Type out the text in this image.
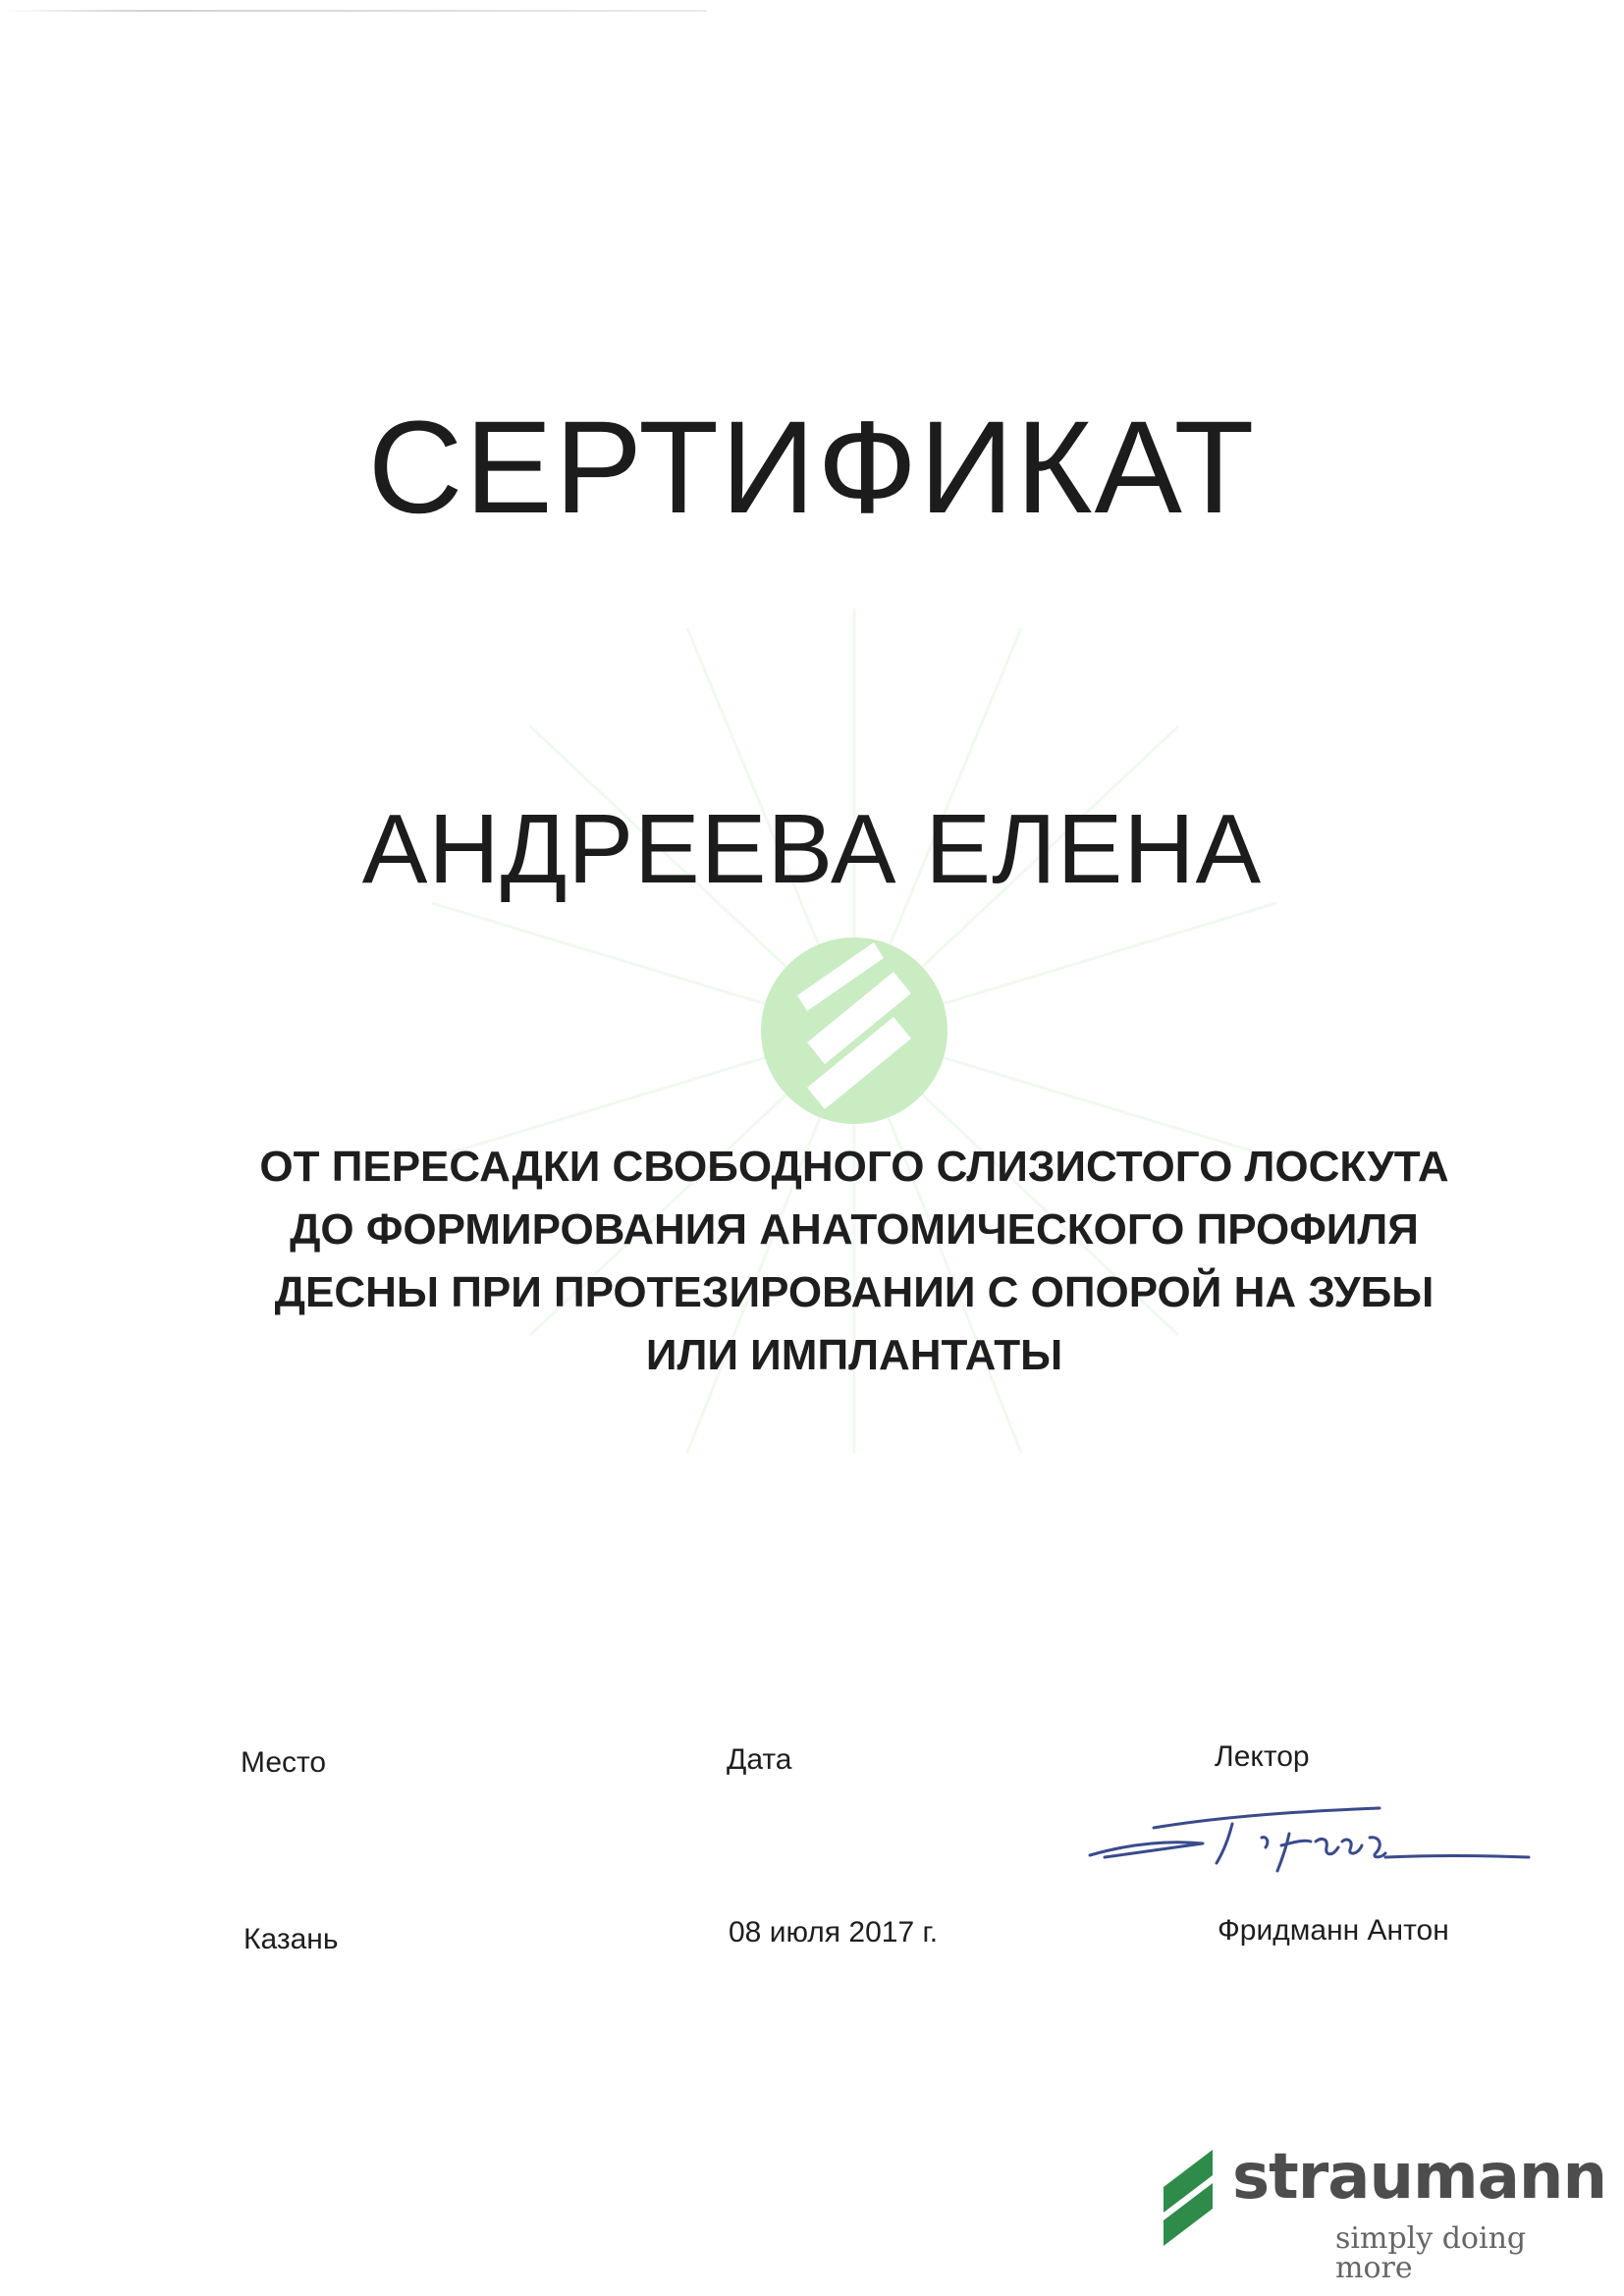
СЕРТИФИКАТ
АНДРЕЕВА ЕЛЕНА
ОТ ПЕРЕСАДКИ СВОБОДНОГО СЛИЗИСТОГО ЛОСКУТА
ДО ФОРМИРОВАНИЯ АНАТОМИЧЕСКОГО ПРОФИЛЯ
ДЕСНЫ ПРИ ПРОТЕЗИРОВАНИИ С ОПОРОЙ НА ЗУБЫ
ИЛИ ИМПЛАНТАТЫ
Место	Дата	Лектор
Казань	08 июля 2017 г.	Фридманн Антон
straumann
simply doing more
